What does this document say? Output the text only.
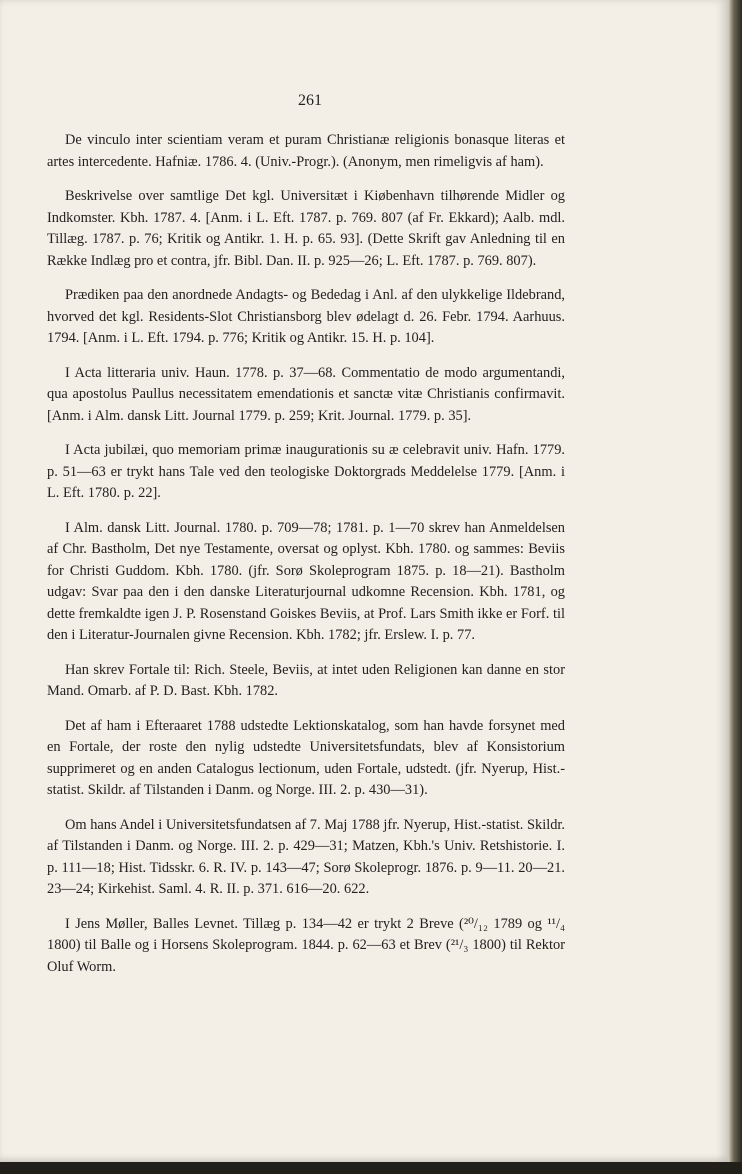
261

De vinculo inter scientiam veram et puram Christianæ religionis bonasque literas et artes intercedente. Hafniæ. 1786. 4. (Univ.-Progr.). (Anonym, men rimeligvis af ham).

Beskrivelse over samtlige Det kgl. Universitæt i Kiøbenhavn tilhørende Midler og Indkomster. Kbh. 1787. 4. [Anm. i L. Eft. 1787. p. 769. 807 (af Fr. Ekkard); Aalb. mdl. Tillæg. 1787. p. 76; Kritik og Antikr. 1. H. p. 65. 93]. (Dette Skrift gav Anledning til en Række Indlæg pro et contra, jfr. Bibl. Dan. II. p. 925—26; L. Eft. 1787. p. 769. 807).

Prædiken paa den anordnede Andagts- og Bededag i Anl. af den ulykkelige Ildebrand, hvorved det kgl. Residents-Slot Christiansborg blev ødelagt d. 26. Febr. 1794. Aarhuus. 1794. [Anm. i L. Eft. 1794. p. 776; Kritik og Antikr. 15. H. p. 104].

I Acta litteraria univ. Haun. 1778. p. 37—68. Commentatio de modo argumentandi, qua apostolus Paullus necessitatem emendationis et sanctæ vitæ Christianis confirmavit. [Anm. i Alm. dansk Litt. Journal 1779. p. 259; Krit. Journal. 1779. p. 35].

I Acta jubilæi, quo memoriam primæ inaugurationis su æ celebravit univ. Hafn. 1779. p. 51—63 er trykt hans Tale ved den teologiske Doktorgrads Meddelelse 1779. [Anm. i L. Eft. 1780. p. 22].

I Alm. dansk Litt. Journal. 1780. p. 709—78; 1781. p. 1—70 skrev han Anmeldelsen af Chr. Bastholm, Det nye Testamente, oversat og oplyst. Kbh. 1780. og sammes: Beviis for Christi Guddom. Kbh. 1780. (jfr. Sorø Skoleprogram 1875. p. 18—21). Bastholm udgav: Svar paa den i den danske Literaturjournal udkomne Recension. Kbh. 1781, og dette fremkaldte igen J. P. Rosenstand Goiskes Beviis, at Prof. Lars Smith ikke er Forf. til den i Literatur-Journalen givne Recension. Kbh. 1782; jfr. Erslew. I. p. 77.

Han skrev Fortale til: Rich. Steele, Beviis, at intet uden Religionen kan danne en stor Mand. Omarb. af P. D. Bast. Kbh. 1782.

Det af ham i Efteraaret 1788 udstedte Lektionskatalog, som han havde forsynet med en Fortale, der roste den nylig udstedte Universitetsfundats, blev af Konsistorium supprimeret og en anden Catalogus lectionum, uden Fortale, udstedt. (jfr. Nyerup, Hist.-statist. Skildr. af Tilstanden i Danm. og Norge. III. 2. p. 430—31).

Om hans Andel i Universitetsfundatsen af 7. Maj 1788 jfr. Nyerup, Hist.-statist. Skildr. af Tilstanden i Danm. og Norge. III. 2. p. 429—31; Matzen, Kbh.'s Univ. Retshistorie. I. p. 111—18; Hist. Tidsskr. 6. R. IV. p. 143—47; Sorø Skoleprogr. 1876. p. 9—11. 20—21. 23—24; Kirkehist. Saml. 4. R. II. p. 371. 616—20. 622.

I Jens Møller, Balles Levnet. Tillæg p. 134—42 er trykt 2 Breve (²⁰/₁₂ 1789 og ¹¹/₄ 1800) til Balle og i Horsens Skoleprogram. 1844. p. 62—63 et Brev (²¹/₃ 1800) til Rektor Oluf Worm.
